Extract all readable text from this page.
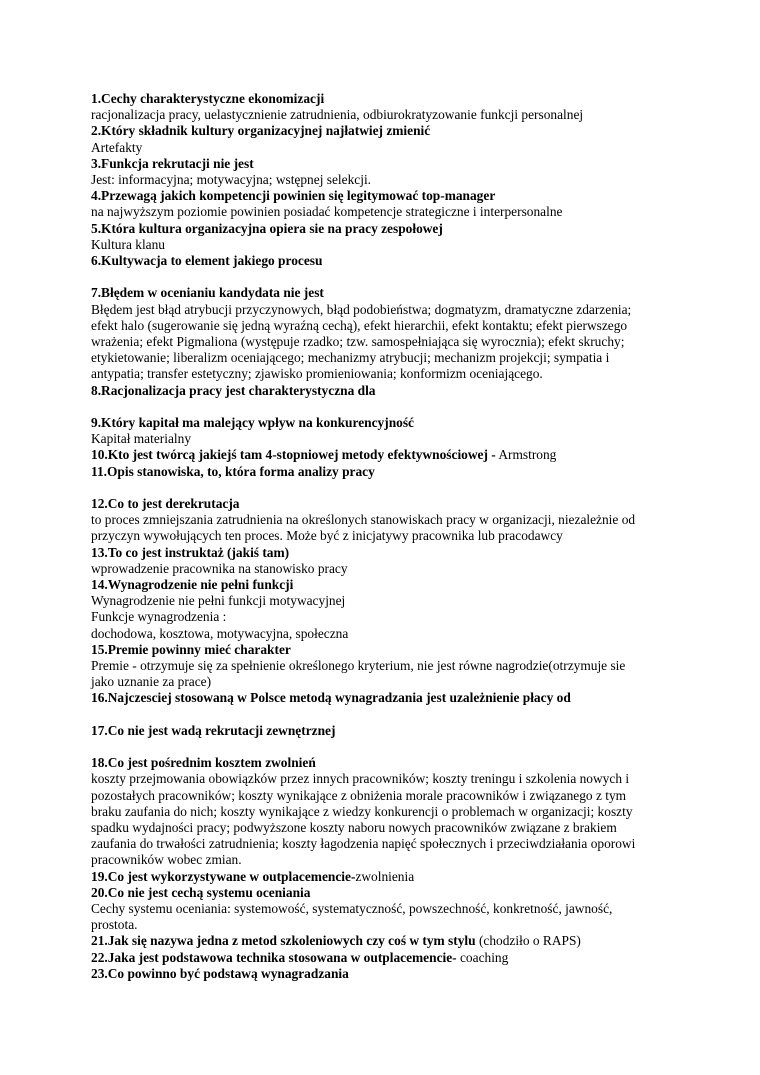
1.Cechy charakterystyczne ekonomizacji
racjonalizacja pracy, uelastycznienie zatrudnienia, odbiurokratyzowanie funkcji personalnej
2.Który składnik kultury organizacyjnej najłatwiej zmienić
Artefakty
3.Funkcja rekrutacji nie jest
Jest: informacyjna; motywacyjna; wstępnej selekcji.
4.Przewagą jakich kompetencji powinien się legitymować top-manager
na najwyższym poziomie powinien posiadać kompetencje strategiczne i interpersonalne
5.Która kultura organizacyjna opiera sie na pracy zespołowej
Kultura klanu
6.Kultywacja to element jakiego procesu
7.Błędem w ocenianiu kandydata nie jest
Błędem jest błąd atrybucji przyczynowych, błąd podobieństwa; dogmatyzm, dramatyczne zdarzenia;
efekt halo (sugerowanie się jedną wyraźną cechą), efekt hierarchii, efekt kontaktu; efekt pierwszego
wrażenia; efekt Pigmaliona (występuje rzadko; tzw. samospełniająca się wyrocznia); efekt skruchy;
etykietowanie; liberalizm oceniającego; mechanizmy atrybucji; mechanizm projekcji; sympatia i
antypatia; transfer estetyczny; zjawisko promieniowania; konformizm oceniającego.
8.Racjonalizacja pracy jest charakterystyczna dla
9.Który kapitał ma malejący wpływ na konkurencyjność
Kapitał materialny
10.Kto jest twórcą jakiejś tam 4-stopniowej metody efektywnościowej - Armstrong
11.Opis stanowiska, to, która forma analizy pracy
12.Co to jest derekrutacja
to proces zmniejszania zatrudnienia na określonych stanowiskach pracy w organizacji, niezależnie od
przyczyn wywołujących ten proces. Może być z inicjatywy pracownika lub pracodawcy
13.To co jest instruktaż (jakiś tam)
wprowadzenie pracownika na stanowisko pracy
14.Wynagrodzenie nie pełni funkcji
Wynagrodzenie nie pełni funkcji motywacyjnej
Funkcje wynagrodzenia :
dochodowa, kosztowa, motywacyjna, społeczna
15.Premie powinny mieć charakter
Premie - otrzymuje się za spełnienie określonego kryterium, nie jest równe nagrodzie(otrzymuje sie
jako uznanie za prace)
16.Najczesciej stosowaną w Polsce metodą wynagradzania jest uzależnienie płacy od
17.Co nie jest wadą rekrutacji zewnętrznej
18.Co jest pośrednim kosztem zwolnień
koszty przejmowania obowiązków przez innych pracowników; koszty treningu i szkolenia nowych i
pozostałych pracowników; koszty wynikające z obniżenia morale pracowników i związanego z tym
braku zaufania do nich; koszty wynikające z wiedzy konkurencji o problemach w organizacji; koszty
spadku wydajności pracy; podwyższone koszty naboru nowych pracowników związane z brakiem
zaufania do trwałości zatrudnienia; koszty łagodzenia napięć społecznych i przeciwdziałania oporowi
pracowników wobec zmian.
19.Co jest wykorzystywane w outplacemencie-zwolnienia
20.Co nie jest cechą systemu oceniania
Cechy systemu oceniania: systemowość, systematyczność, powszechność, konkretność, jawność,
prostota.
21.Jak się nazywa jedna z metod szkoleniowych czy coś w tym stylu (chodziło o RAPS)
22.Jaka jest podstawowa technika stosowana w outplacemencie- coaching
23.Co powinno być podstawą wynagradzania
